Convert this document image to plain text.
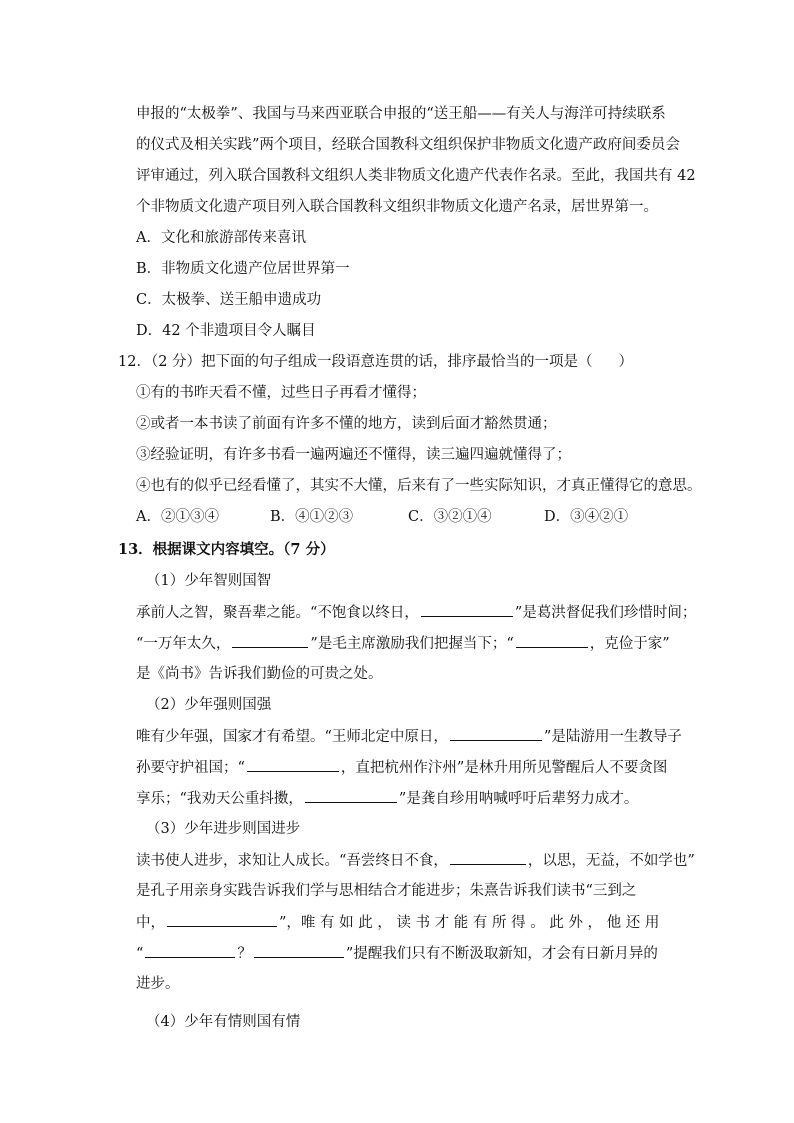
申报的“太极拳”、我国与马来西亚联合申报的“送王船——有关人与海洋可持续联系
的仪式及相关实践”两个项目，经联合国教科文组织保护非物质文化遗产政府间委员会
评审通过，列入联合国教科文组织人类非物质文化遗产代表作名录。至此，我国共有 42
个非物质文化遗产项目列入联合国教科文组织非物质文化遗产名录，居世界第一。
A．文化和旅游部传来喜讯
B．非物质文化遗产位居世界第一
C．太极拳、送王船申遗成功
D．42 个非遗项目令人瞩目
12．（2 分）把下面的句子组成一段语意连贯的话，排序最恰当的一项是（ ）
①有的书昨天看不懂，过些日子再看才懂得；
②或者一本书读了前面有许多不懂的地方，读到后面才豁然贯通；
③经验证明，有许多书看一遍两遍还不懂得，读三遍四遍就懂得了；
④也有的似乎已经看懂了，其实不大懂，后来有了一些实际知识，才真正懂得它的意思。
A．②①③④	B．④①②③	C．③②①④	D．③④②①
13．根据课文内容填空。（7 分）
（1）少年智则国智
承前人之智，聚吾辈之能。“不饱食以终日，	”是葛洪督促我们珍惜时间；
“一万年太久，	”是毛主席激励我们把握当下；“	，克俭于家”
是《尚书》告诉我们勤俭的可贵之处。
（2）少年强则国强
唯有少年强，国家才有希望。“王师北定中原日，	”是陆游用一生教导子
孙要守护祖国；“	，直把杭州作汴州”是林升用所见警醒后人不要贪图
享乐；“我劝天公重抖擞，	”是龚自珍用呐喊呼吁后辈努力成才。
（3）少年进步则国进步
读书使人进步，求知让人成长。“吾尝终日不食，	，以思，无益，不如学也”
是孔子用亲身实践告诉我们学与思相结合才能进步；朱熹告诉我们读书“三到之
中，	”，唯 有 如 此 ， 读 书 才 能 有 所 得 。 此 外 ， 他 还 用
“	？	”提醒我们只有不断汲取新知，才会有日新月异的
进步。
（4）少年有情则国有情
